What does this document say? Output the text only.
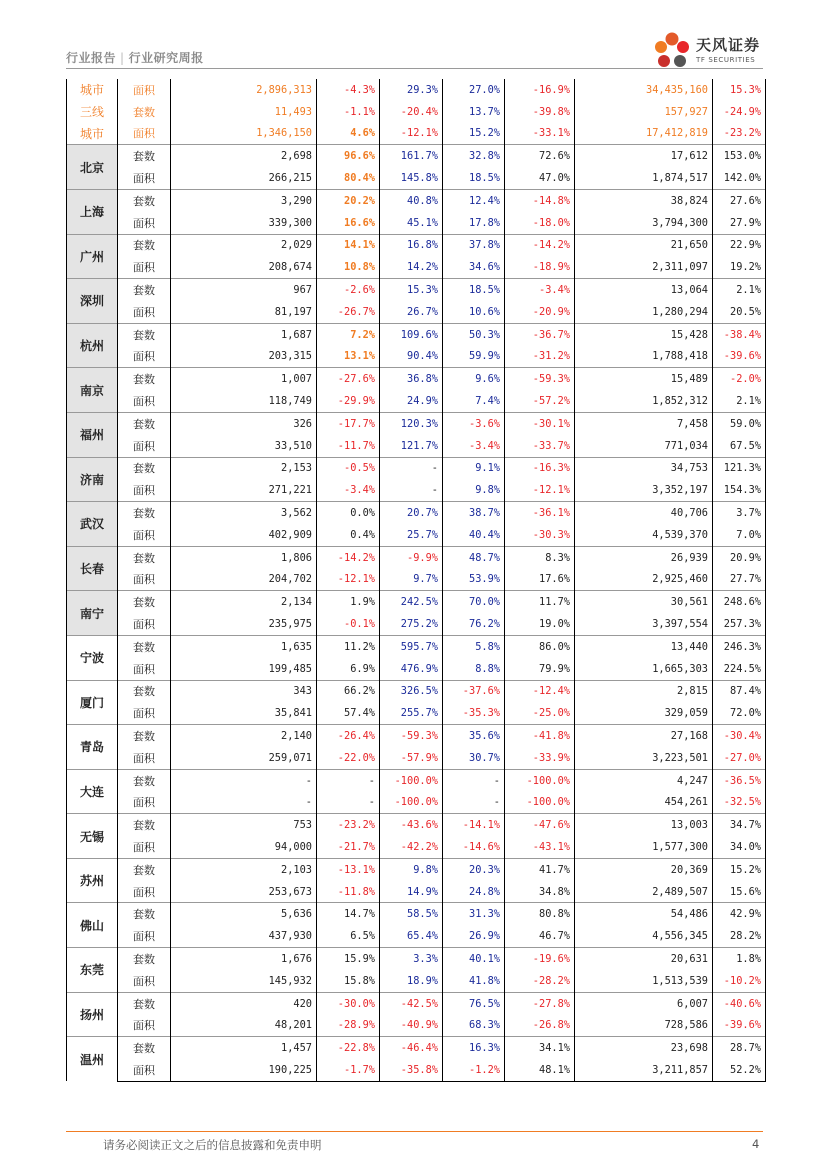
行业报告 | 行业研究周报
天风证券
TF SECURITIES
城市	面积	2,896,313	-4.3%	29.3%	27.0%	-16.9%	34,435,160	15.3%
三线	套数	11,493	-1.1%	-20.4%	13.7%	-39.8%	157,927	-24.9%
城市	面积	1,346,150	4.6%	-12.1%	15.2%	-33.1%	17,412,819	-23.2%
北京	套数	2,698	96.6%	161.7%	32.8%	72.6%	17,612	153.0%
	面积	266,215	80.4%	145.8%	18.5%	47.0%	1,874,517	142.0%
上海	套数	3,290	20.2%	40.8%	12.4%	-14.8%	38,824	27.6%
	面积	339,300	16.6%	45.1%	17.8%	-18.0%	3,794,300	27.9%
广州	套数	2,029	14.1%	16.8%	37.8%	-14.2%	21,650	22.9%
	面积	208,674	10.8%	14.2%	34.6%	-18.9%	2,311,097	19.2%
深圳	套数	967	-2.6%	15.3%	18.5%	-3.4%	13,064	2.1%
	面积	81,197	-26.7%	26.7%	10.6%	-20.9%	1,280,294	20.5%
杭州	套数	1,687	7.2%	109.6%	50.3%	-36.7%	15,428	-38.4%
	面积	203,315	13.1%	90.4%	59.9%	-31.2%	1,788,418	-39.6%
南京	套数	1,007	-27.6%	36.8%	9.6%	-59.3%	15,489	-2.0%
	面积	118,749	-29.9%	24.9%	7.4%	-57.2%	1,852,312	2.1%
福州	套数	326	-17.7%	120.3%	-3.6%	-30.1%	7,458	59.0%
	面积	33,510	-11.7%	121.7%	-3.4%	-33.7%	771,034	67.5%
济南	套数	2,153	-0.5%	-	9.1%	-16.3%	34,753	121.3%
	面积	271,221	-3.4%	-	9.8%	-12.1%	3,352,197	154.3%
武汉	套数	3,562	0.0%	20.7%	38.7%	-36.1%	40,706	3.7%
	面积	402,909	0.4%	25.7%	40.4%	-30.3%	4,539,370	7.0%
长春	套数	1,806	-14.2%	-9.9%	48.7%	8.3%	26,939	20.9%
	面积	204,702	-12.1%	9.7%	53.9%	17.6%	2,925,460	27.7%
南宁	套数	2,134	1.9%	242.5%	70.0%	11.7%	30,561	248.6%
	面积	235,975	-0.1%	275.2%	76.2%	19.0%	3,397,554	257.3%
宁波	套数	1,635	11.2%	595.7%	5.8%	86.0%	13,440	246.3%
	面积	199,485	6.9%	476.9%	8.8%	79.9%	1,665,303	224.5%
厦门	套数	343	66.2%	326.5%	-37.6%	-12.4%	2,815	87.4%
	面积	35,841	57.4%	255.7%	-35.3%	-25.0%	329,059	72.0%
青岛	套数	2,140	-26.4%	-59.3%	35.6%	-41.8%	27,168	-30.4%
	面积	259,071	-22.0%	-57.9%	30.7%	-33.9%	3,223,501	-27.0%
大连	套数	-	-	-100.0%	-	-100.0%	4,247	-36.5%
	面积	-	-	-100.0%	-	-100.0%	454,261	-32.5%
无锡	套数	753	-23.2%	-43.6%	-14.1%	-47.6%	13,003	34.7%
	面积	94,000	-21.7%	-42.2%	-14.6%	-43.1%	1,577,300	34.0%
苏州	套数	2,103	-13.1%	9.8%	20.3%	41.7%	20,369	15.2%
	面积	253,673	-11.8%	14.9%	24.8%	34.8%	2,489,507	15.6%
佛山	套数	5,636	14.7%	58.5%	31.3%	80.8%	54,486	42.9%
	面积	437,930	6.5%	65.4%	26.9%	46.7%	4,556,345	28.2%
东莞	套数	1,676	15.9%	3.3%	40.1%	-19.6%	20,631	1.8%
	面积	145,932	15.8%	18.9%	41.8%	-28.2%	1,513,539	-10.2%
扬州	套数	420	-30.0%	-42.5%	76.5%	-27.8%	6,007	-40.6%
	面积	48,201	-28.9%	-40.9%	68.3%	-26.8%	728,586	-39.6%
温州	套数	1,457	-22.8%	-46.4%	16.3%	34.1%	23,698	28.7%
	面积	190,225	-1.7%	-35.8%	-1.2%	48.1%	3,211,857	52.2%
请务必阅读正文之后的信息披露和免责申明	4
